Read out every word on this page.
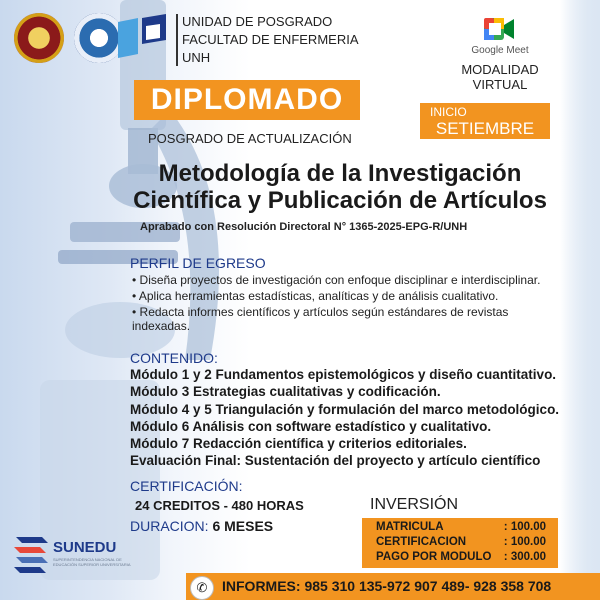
UNIDAD DE POSGRADO
FACULTAD DE ENFERMERIA
UNH	Google Meet
MODALIDAD
VIRTUAL
DIPLOMADO	INICIO
SETIEMBRE
POSGRADO DE ACTUALIZACIÓN
Metodología de la Investigación
Científica y Publicación de Artículos
Aprabado con Resolución Directoral N° 1365-2025-EPG-R/UNH
PERFIL DE EGRESO
• Diseña proyectos de investigación con enfoque disciplinar e interdisciplinar.
• Aplica herramientas estadísticas, analíticas y de análisis cualitativo.
• Redacta informes científicos y artículos según estándares de revistas indexadas.
CONTENIDO:
Módulo 1 y 2 Fundamentos epistemológicos y diseño cuantitativo.
Módulo 3 Estrategias cualitativas y codificación.
Módulo 4 y 5 Triangulación y formulación del marco metodológico.
Módulo 6 Análisis con software estadístico y cualitativo.
Módulo 7 Redacción científica y criterios editoriales.
Evaluación Final: Sustentación del proyecto y artículo científico
CERTIFICACIÓN:
24 CREDITOS - 480 HORAS
DURACION: 6 MESES
INVERSIÓN
MATRICULA	: 100.00
CERTIFICACION	: 100.00
PAGO POR MODULO : 300.00
SUNEDU
SUPERINTENDENCIA NACIONAL DE EDUCACIÓN SUPERIOR UNIVERSITARIA
✆	INFORMES: 985 310 135-972 907 489- 928 358 708
